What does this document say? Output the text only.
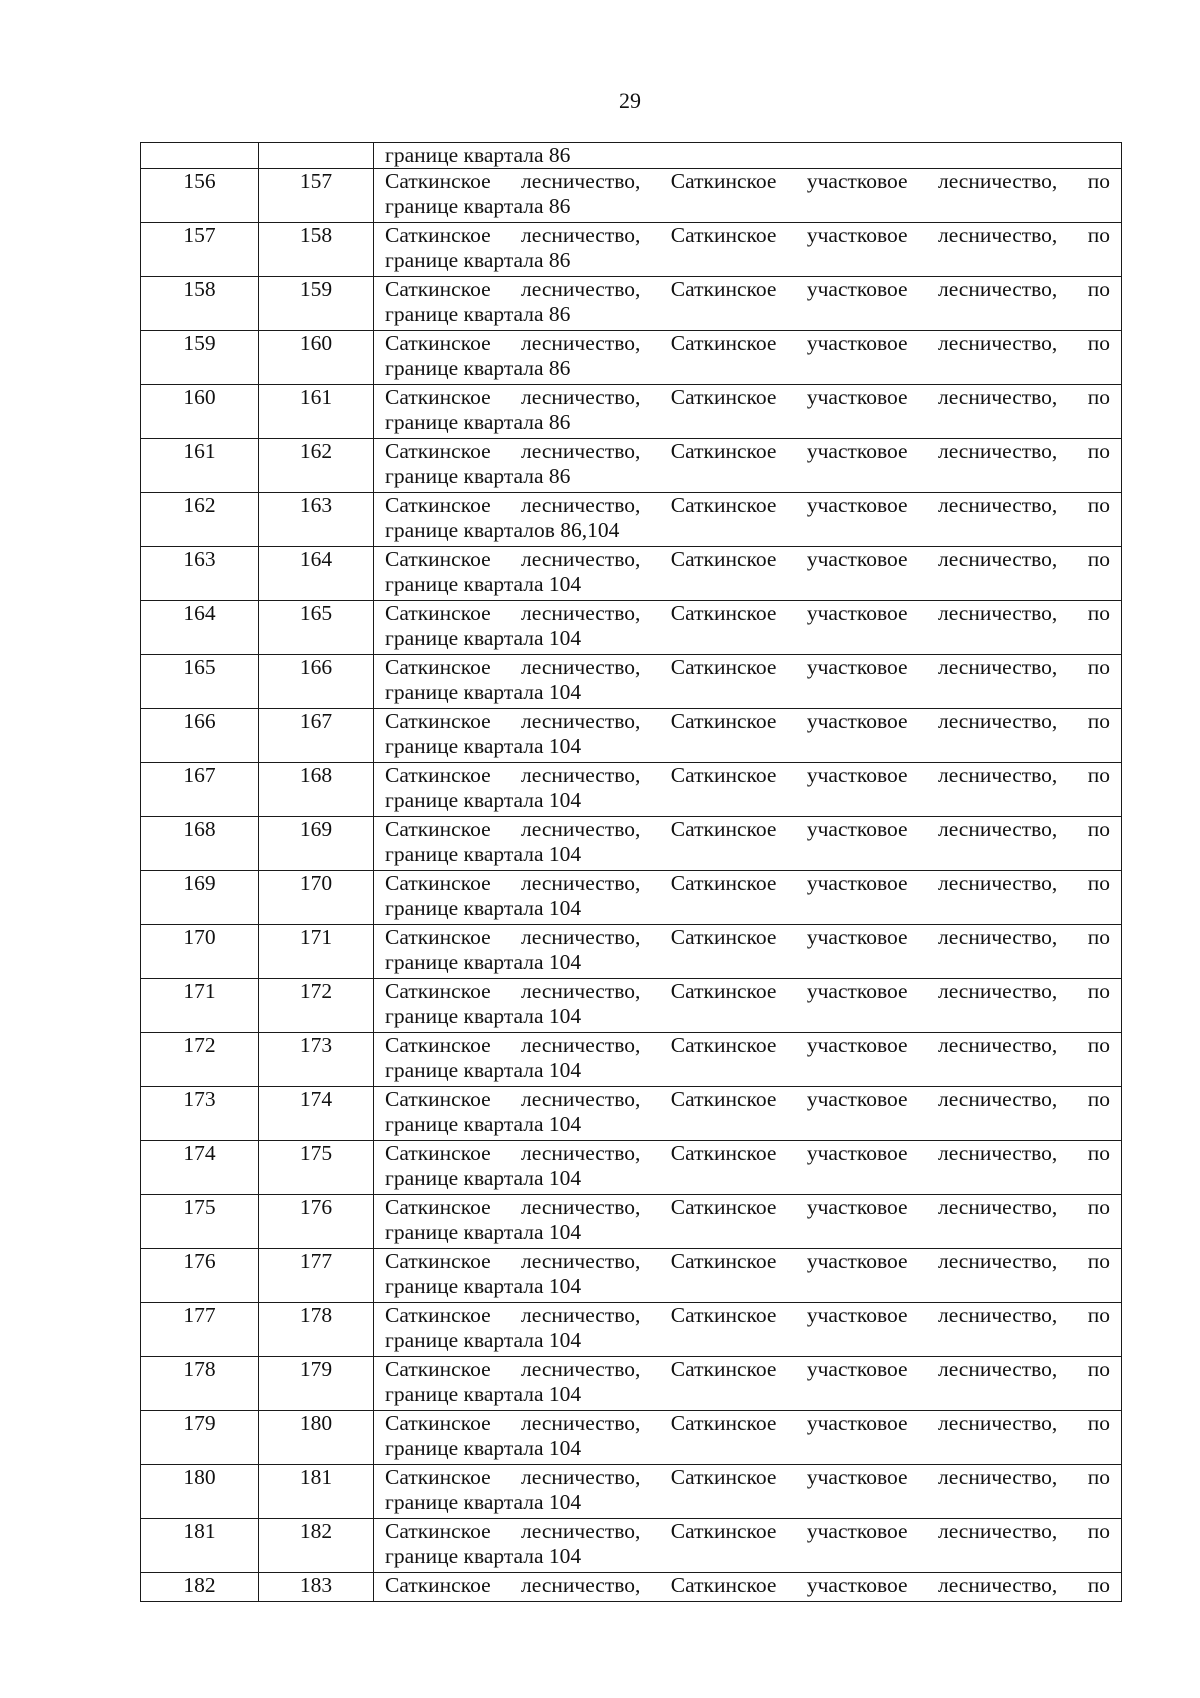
29

		границе квартала 86

156	157	Саткинское лесничество, Саткинское участковое лесничество, по
границе квартала 86

157	158	Саткинское лесничество, Саткинское участковое лесничество, по
границе квартала 86

158	159	Саткинское лесничество, Саткинское участковое лесничество, по
границе квартала 86

159	160	Саткинское лесничество, Саткинское участковое лесничество, по
границе квартала 86

160	161	Саткинское лесничество, Саткинское участковое лесничество, по
границе квартала 86

161	162	Саткинское лесничество, Саткинское участковое лесничество, по
границе квартала 86

162	163	Саткинское лесничество, Саткинское участковое лесничество, по
границе кварталов 86,104

163	164	Саткинское лесничество, Саткинское участковое лесничество, по
границе квартала 104

164	165	Саткинское лесничество, Саткинское участковое лесничество, по
границе квартала 104

165	166	Саткинское лесничество, Саткинское участковое лесничество, по
границе квартала 104

166	167	Саткинское лесничество, Саткинское участковое лесничество, по
границе квартала 104

167	168	Саткинское лесничество, Саткинское участковое лесничество, по
границе квартала 104

168	169	Саткинское лесничество, Саткинское участковое лесничество, по
границе квартала 104

169	170	Саткинское лесничество, Саткинское участковое лесничество, по
границе квартала 104

170	171	Саткинское лесничество, Саткинское участковое лесничество, по
границе квартала 104

171	172	Саткинское лесничество, Саткинское участковое лесничество, по
границе квартала 104

172	173	Саткинское лесничество, Саткинское участковое лесничество, по
границе квартала 104

173	174	Саткинское лесничество, Саткинское участковое лесничество, по
границе квартала 104

174	175	Саткинское лесничество, Саткинское участковое лесничество, по
границе квартала 104

175	176	Саткинское лесничество, Саткинское участковое лесничество, по
границе квартала 104

176	177	Саткинское лесничество, Саткинское участковое лесничество, по
границе квартала 104

177	178	Саткинское лесничество, Саткинское участковое лесничество, по
границе квартала 104

178	179	Саткинское лесничество, Саткинское участковое лесничество, по
границе квартала 104

179	180	Саткинское лесничество, Саткинское участковое лесничество, по
границе квартала 104

180	181	Саткинское лесничество, Саткинское участковое лесничество, по
границе квартала 104

181	182	Саткинское лесничество, Саткинское участковое лесничество, по
границе квартала 104

182	183	Саткинское лесничество, Саткинское участковое лесничество, по
